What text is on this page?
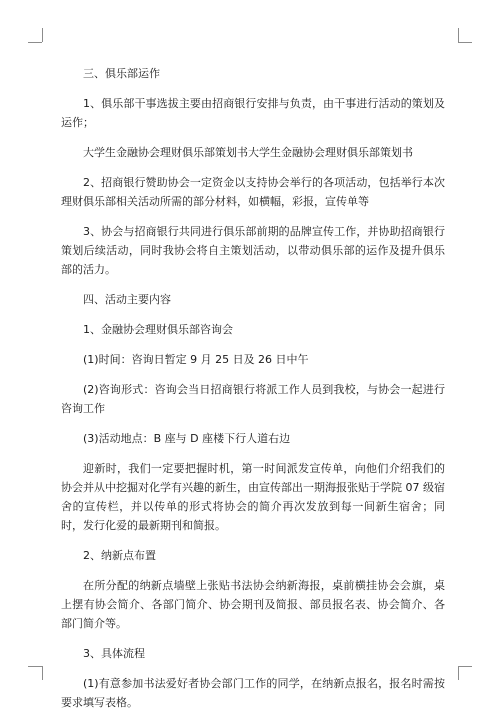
三、俱乐部运作

1、俱乐部干事选拔主要由招商银行安排与负责，由干事进行活动的策划及运作；

大学生金融协会理财俱乐部策划书大学生金融协会理财俱乐部策划书

2、招商银行赞助协会一定资金以支持协会举行的各项活动，包括举行本次理财俱乐部相关活动所需的部分材料，如横幅，彩报，宣传单等

3、协会与招商银行共同进行俱乐部前期的品牌宣传工作，并协助招商银行策划后续活动，同时我协会将自主策划活动，以带动俱乐部的运作及提升俱乐部的活力。

四、活动主要内容

1、金融协会理财俱乐部咨询会

(1)时间：咨询日暂定 9 月 25 日及 26 日中午

(2)咨询形式：咨询会当日招商银行将派工作人员到我校，与协会一起进行咨询工作

(3)活动地点：B 座与 D 座楼下行人道右边

迎新时，我们一定要把握时机，第一时间派发宣传单，向他们介绍我们的协会并从中挖掘对化学有兴趣的新生，由宣传部出一期海报张贴于学院 07 级宿舍的宣传栏，并以传单的形式将协会的简介再次发放到每一间新生宿舍；同时，发行化爱的最新期刊和简报。

2、纳新点布置

在所分配的纳新点墙壁上张贴书法协会纳新海报，桌前横挂协会会旗，桌上摆有协会简介、各部门简介、协会期刊及简报、部员报名表、协会简介、各部门简介等。

3、具体流程

(1)有意参加书法爱好者协会部门工作的同学，在纳新点报名，报名时需按要求填写表格。
